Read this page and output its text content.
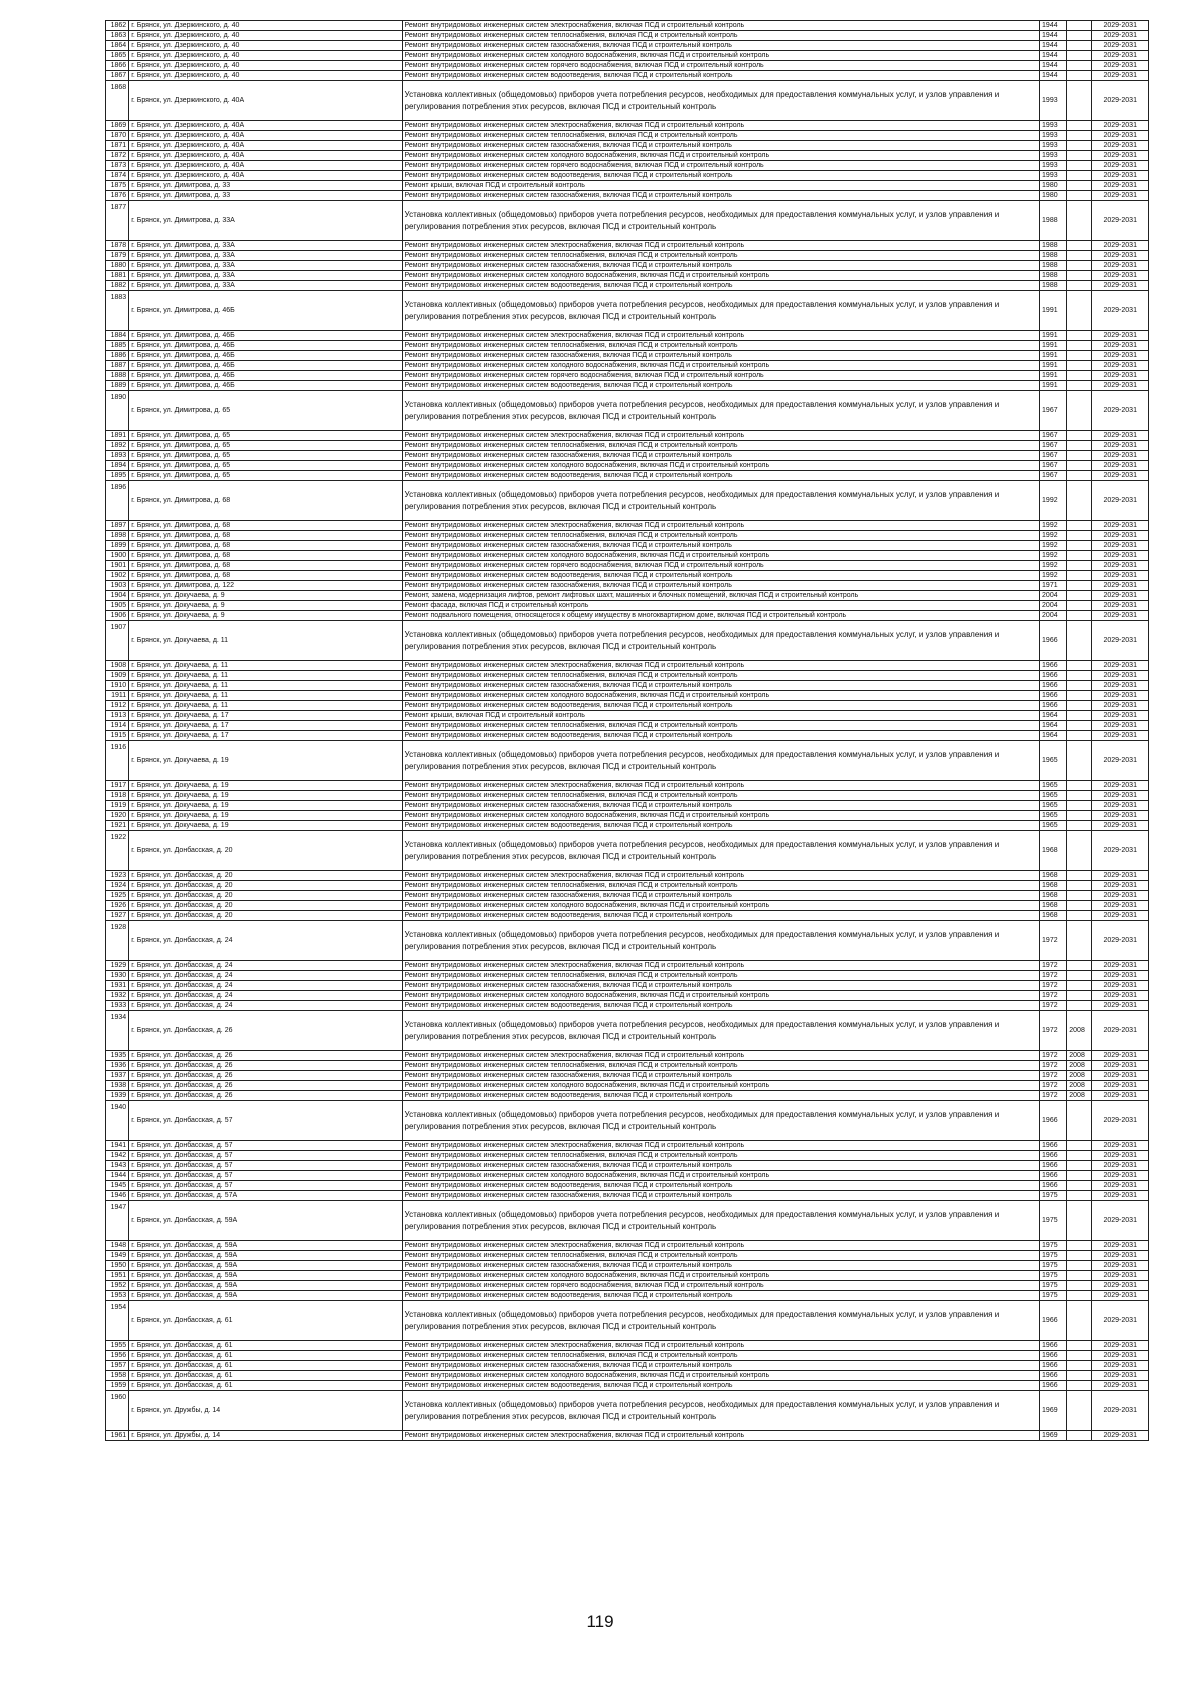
1862	г. Брянск, ул. Дзержинского, д. 40	Ремонт внутридомовых инженерных систем электроснабжения, включая ПСД и строительный контроль	1944		2029-2031
1863	г. Брянск, ул. Дзержинского, д. 40	Ремонт внутридомовых инженерных систем теплоснабжения, включая ПСД и строительный контроль	1944		2029-2031
1864	г. Брянск, ул. Дзержинского, д. 40	Ремонт внутридомовых инженерных систем газоснабжения, включая ПСД и строительный контроль	1944		2029-2031
1865	г. Брянск, ул. Дзержинского, д. 40	Ремонт внутридомовых инженерных систем холодного водоснабжения, включая ПСД и строительный контроль	1944		2029-2031
1866	г. Брянск, ул. Дзержинского, д. 40	Ремонт внутридомовых инженерных систем горячего водоснабжения, включая ПСД и строительный контроль	1944		2029-2031
1867	г. Брянск, ул. Дзержинского, д. 40	Ремонт внутридомовых инженерных систем водоотведения, включая ПСД и строительный контроль	1944		2029-2031
1868	г. Брянск, ул. Дзержинского, д. 40А	Установка коллективных (общедомовых) приборов учета потребления ресурсов, необходимых для предоставления коммунальных услуг, и узлов управления и регулирования потребления этих ресурсов, включая ПСД и строительный контроль	1993		2029-2031
1869	г. Брянск, ул. Дзержинского, д. 40А	Ремонт внутридомовых инженерных систем электроснабжения, включая ПСД и строительный контроль	1993		2029-2031
1870	г. Брянск, ул. Дзержинского, д. 40А	Ремонт внутридомовых инженерных систем теплоснабжения, включая ПСД и строительный контроль	1993		2029-2031
1871	г. Брянск, ул. Дзержинского, д. 40А	Ремонт внутридомовых инженерных систем газоснабжения, включая ПСД и строительный контроль	1993		2029-2031
1872	г. Брянск, ул. Дзержинского, д. 40А	Ремонт внутридомовых инженерных систем холодного водоснабжения, включая ПСД и строительный контроль	1993		2029-2031
1873	г. Брянск, ул. Дзержинского, д. 40А	Ремонт внутридомовых инженерных систем горячего водоснабжения, включая ПСД и строительный контроль	1993		2029-2031
1874	г. Брянск, ул. Дзержинского, д. 40А	Ремонт внутридомовых инженерных систем водоотведения, включая ПСД и строительный контроль	1993		2029-2031
1875	г. Брянск, ул. Димитрова, д. 33	Ремонт крыши, включая ПСД и строительный контроль	1980		2029-2031
1876	г. Брянск, ул. Димитрова, д. 33	Ремонт внутридомовых инженерных систем газоснабжения, включая ПСД и строительный контроль	1980		2029-2031
1877	г. Брянск, ул. Димитрова, д. 33А	Установка коллективных (общедомовых) приборов учета потребления ресурсов, необходимых для предоставления коммунальных услуг, и узлов управления и регулирования потребления этих ресурсов, включая ПСД и строительный контроль	1988		2029-2031
1878	г. Брянск, ул. Димитрова, д. 33А	Ремонт внутридомовых инженерных систем электроснабжения, включая ПСД и строительный контроль	1988		2029-2031
1879	г. Брянск, ул. Димитрова, д. 33А	Ремонт внутридомовых инженерных систем теплоснабжения, включая ПСД и строительный контроль	1988		2029-2031
1880	г. Брянск, ул. Димитрова, д. 33А	Ремонт внутридомовых инженерных систем газоснабжения, включая ПСД и строительный контроль	1988		2029-2031
1881	г. Брянск, ул. Димитрова, д. 33А	Ремонт внутридомовых инженерных систем холодного водоснабжения, включая ПСД и строительный контроль	1988		2029-2031
1882	г. Брянск, ул. Димитрова, д. 33А	Ремонт внутридомовых инженерных систем водоотведения, включая ПСД и строительный контроль	1988		2029-2031
1883	г. Брянск, ул. Димитрова, д. 46Б	Установка коллективных (общедомовых) приборов учета потребления ресурсов, необходимых для предоставления коммунальных услуг, и узлов управления и регулирования потребления этих ресурсов, включая ПСД и строительный контроль	1991		2029-2031
1884	г. Брянск, ул. Димитрова, д. 46Б	Ремонт внутридомовых инженерных систем электроснабжения, включая ПСД и строительный контроль	1991		2029-2031
1885	г. Брянск, ул. Димитрова, д. 46Б	Ремонт внутридомовых инженерных систем теплоснабжения, включая ПСД и строительный контроль	1991		2029-2031
1886	г. Брянск, ул. Димитрова, д. 46Б	Ремонт внутридомовых инженерных систем газоснабжения, включая ПСД и строительный контроль	1991		2029-2031
1887	г. Брянск, ул. Димитрова, д. 46Б	Ремонт внутридомовых инженерных систем холодного водоснабжения, включая ПСД и строительный контроль	1991		2029-2031
1888	г. Брянск, ул. Димитрова, д. 46Б	Ремонт внутридомовых инженерных систем горячего водоснабжения, включая ПСД и строительный контроль	1991		2029-2031
1889	г. Брянск, ул. Димитрова, д. 46Б	Ремонт внутридомовых инженерных систем водоотведения, включая ПСД и строительный контроль	1991		2029-2031
1890	г. Брянск, ул. Димитрова, д. 65	Установка коллективных (общедомовых) приборов учета потребления ресурсов, необходимых для предоставления коммунальных услуг, и узлов управления и регулирования потребления этих ресурсов, включая ПСД и строительный контроль	1967		2029-2031
1891	г. Брянск, ул. Димитрова, д. 65	Ремонт внутридомовых инженерных систем электроснабжения, включая ПСД и строительный контроль	1967		2029-2031
1892	г. Брянск, ул. Димитрова, д. 65	Ремонт внутридомовых инженерных систем теплоснабжения, включая ПСД и строительный контроль	1967		2029-2031
1893	г. Брянск, ул. Димитрова, д. 65	Ремонт внутридомовых инженерных систем газоснабжения, включая ПСД и строительный контроль	1967		2029-2031
1894	г. Брянск, ул. Димитрова, д. 65	Ремонт внутридомовых инженерных систем холодного водоснабжения, включая ПСД и строительный контроль	1967		2029-2031
1895	г. Брянск, ул. Димитрова, д. 65	Ремонт внутридомовых инженерных систем водоотведения, включая ПСД и строительный контроль	1967		2029-2031
1896	г. Брянск, ул. Димитрова, д. 68	Установка коллективных (общедомовых) приборов учета потребления ресурсов, необходимых для предоставления коммунальных услуг, и узлов управления и регулирования потребления этих ресурсов, включая ПСД и строительный контроль	1992		2029-2031
1897	г. Брянск, ул. Димитрова, д. 68	Ремонт внутридомовых инженерных систем электроснабжения, включая ПСД и строительный контроль	1992		2029-2031
1898	г. Брянск, ул. Димитрова, д. 68	Ремонт внутридомовых инженерных систем теплоснабжения, включая ПСД и строительный контроль	1992		2029-2031
1899	г. Брянск, ул. Димитрова, д. 68	Ремонт внутридомовых инженерных систем газоснабжения, включая ПСД и строительный контроль	1992		2029-2031
1900	г. Брянск, ул. Димитрова, д. 68	Ремонт внутридомовых инженерных систем холодного водоснабжения, включая ПСД и строительный контроль	1992		2029-2031
1901	г. Брянск, ул. Димитрова, д. 68	Ремонт внутридомовых инженерных систем горячего водоснабжения, включая ПСД и строительный контроль	1992		2029-2031
1902	г. Брянск, ул. Димитрова, д. 68	Ремонт внутридомовых инженерных систем водоотведения, включая ПСД и строительный контроль	1992		2029-2031
1903	г. Брянск, ул. Димитрова, д. 122	Ремонт внутридомовых инженерных систем газоснабжения, включая ПСД и строительный контроль	1971		2029-2031
1904	г. Брянск, ул. Докучаева, д. 9	Ремонт, замена, модернизация лифтов, ремонт лифтовых шахт, машинных и блочных помещений, включая ПСД и строительный контроль	2004		2029-2031
1905	г. Брянск, ул. Докучаева, д. 9	Ремонт фасада, включая ПСД и строительный контроль	2004		2029-2031
1906	г. Брянск, ул. Докучаева, д. 9	Ремонт подвального помещения, относящегося к общему имуществу в многоквартирном доме, включая ПСД и строительный контроль	2004		2029-2031
1907	г. Брянск, ул. Докучаева, д. 11	Установка коллективных (общедомовых) приборов учета потребления ресурсов, необходимых для предоставления коммунальных услуг, и узлов управления и регулирования потребления этих ресурсов, включая ПСД и строительный контроль	1966		2029-2031
1908	г. Брянск, ул. Докучаева, д. 11	Ремонт внутридомовых инженерных систем электроснабжения, включая ПСД и строительный контроль	1966		2029-2031
1909	г. Брянск, ул. Докучаева, д. 11	Ремонт внутридомовых инженерных систем теплоснабжения, включая ПСД и строительный контроль	1966		2029-2031
1910	г. Брянск, ул. Докучаева, д. 11	Ремонт внутридомовых инженерных систем газоснабжения, включая ПСД и строительный контроль	1966		2029-2031
1911	г. Брянск, ул. Докучаева, д. 11	Ремонт внутридомовых инженерных систем холодного водоснабжения, включая ПСД и строительный контроль	1966		2029-2031
1912	г. Брянск, ул. Докучаева, д. 11	Ремонт внутридомовых инженерных систем водоотведения, включая ПСД и строительный контроль	1966		2029-2031
1913	г. Брянск, ул. Докучаева, д. 17	Ремонт крыши, включая ПСД и строительный контроль	1964		2029-2031
1914	г. Брянск, ул. Докучаева, д. 17	Ремонт внутридомовых инженерных систем теплоснабжения, включая ПСД и строительный контроль	1964		2029-2031
1915	г. Брянск, ул. Докучаева, д. 17	Ремонт внутридомовых инженерных систем водоотведения, включая ПСД и строительный контроль	1964		2029-2031
1916	г. Брянск, ул. Докучаева, д. 19	Установка коллективных (общедомовых) приборов учета потребления ресурсов, необходимых для предоставления коммунальных услуг, и узлов управления и регулирования потребления этих ресурсов, включая ПСД и строительный контроль	1965		2029-2031
1917	г. Брянск, ул. Докучаева, д. 19	Ремонт внутридомовых инженерных систем электроснабжения, включая ПСД и строительный контроль	1965		2029-2031
1918	г. Брянск, ул. Докучаева, д. 19	Ремонт внутридомовых инженерных систем теплоснабжения, включая ПСД и строительный контроль	1965		2029-2031
1919	г. Брянск, ул. Докучаева, д. 19	Ремонт внутридомовых инженерных систем газоснабжения, включая ПСД и строительный контроль	1965		2029-2031
1920	г. Брянск, ул. Докучаева, д. 19	Ремонт внутридомовых инженерных систем холодного водоснабжения, включая ПСД и строительный контроль	1965		2029-2031
1921	г. Брянск, ул. Докучаева, д. 19	Ремонт внутридомовых инженерных систем водоотведения, включая ПСД и строительный контроль	1965		2029-2031
1922	г. Брянск, ул. Донбасская, д. 20	Установка коллективных (общедомовых) приборов учета потребления ресурсов, необходимых для предоставления коммунальных услуг, и узлов управления и регулирования потребления этих ресурсов, включая ПСД и строительный контроль	1968		2029-2031
1923	г. Брянск, ул. Донбасская, д. 20	Ремонт внутридомовых инженерных систем электроснабжения, включая ПСД и строительный контроль	1968		2029-2031
1924	г. Брянск, ул. Донбасская, д. 20	Ремонт внутридомовых инженерных систем теплоснабжения, включая ПСД и строительный контроль	1968		2029-2031
1925	г. Брянск, ул. Донбасская, д. 20	Ремонт внутридомовых инженерных систем газоснабжения, включая ПСД и строительный контроль	1968		2029-2031
1926	г. Брянск, ул. Донбасская, д. 20	Ремонт внутридомовых инженерных систем холодного водоснабжения, включая ПСД и строительный контроль	1968		2029-2031
1927	г. Брянск, ул. Донбасская, д. 20	Ремонт внутридомовых инженерных систем водоотведения, включая ПСД и строительный контроль	1968		2029-2031
1928	г. Брянск, ул. Донбасская, д. 24	Установка коллективных (общедомовых) приборов учета потребления ресурсов, необходимых для предоставления коммунальных услуг, и узлов управления и регулирования потребления этих ресурсов, включая ПСД и строительный контроль	1972		2029-2031
1929	г. Брянск, ул. Донбасская, д. 24	Ремонт внутридомовых инженерных систем электроснабжения, включая ПСД и строительный контроль	1972		2029-2031
1930	г. Брянск, ул. Донбасская, д. 24	Ремонт внутридомовых инженерных систем теплоснабжения, включая ПСД и строительный контроль	1972		2029-2031
1931	г. Брянск, ул. Донбасская, д. 24	Ремонт внутридомовых инженерных систем газоснабжения, включая ПСД и строительный контроль	1972		2029-2031
1932	г. Брянск, ул. Донбасская, д. 24	Ремонт внутридомовых инженерных систем холодного водоснабжения, включая ПСД и строительный контроль	1972		2029-2031
1933	г. Брянск, ул. Донбасская, д. 24	Ремонт внутридомовых инженерных систем водоотведения, включая ПСД и строительный контроль	1972		2029-2031
1934	г. Брянск, ул. Донбасская, д. 26	Установка коллективных (общедомовых) приборов учета потребления ресурсов, необходимых для предоставления коммунальных услуг, и узлов управления и регулирования потребления этих ресурсов, включая ПСД и строительный контроль	1972	2008	2029-2031
1935	г. Брянск, ул. Донбасская, д. 26	Ремонт внутридомовых инженерных систем электроснабжения, включая ПСД и строительный контроль	1972	2008	2029-2031
1936	г. Брянск, ул. Донбасская, д. 26	Ремонт внутридомовых инженерных систем теплоснабжения, включая ПСД и строительный контроль	1972	2008	2029-2031
1937	г. Брянск, ул. Донбасская, д. 26	Ремонт внутридомовых инженерных систем газоснабжения, включая ПСД и строительный контроль	1972	2008	2029-2031
1938	г. Брянск, ул. Донбасская, д. 26	Ремонт внутридомовых инженерных систем холодного водоснабжения, включая ПСД и строительный контроль	1972	2008	2029-2031
1939	г. Брянск, ул. Донбасская, д. 26	Ремонт внутридомовых инженерных систем водоотведения, включая ПСД и строительный контроль	1972	2008	2029-2031
1940	г. Брянск, ул. Донбасская, д. 57	Установка коллективных (общедомовых) приборов учета потребления ресурсов, необходимых для предоставления коммунальных услуг, и узлов управления и регулирования потребления этих ресурсов, включая ПСД и строительный контроль	1966		2029-2031
1941	г. Брянск, ул. Донбасская, д. 57	Ремонт внутридомовых инженерных систем электроснабжения, включая ПСД и строительный контроль	1966		2029-2031
1942	г. Брянск, ул. Донбасская, д. 57	Ремонт внутридомовых инженерных систем теплоснабжения, включая ПСД и строительный контроль	1966		2029-2031
1943	г. Брянск, ул. Донбасская, д. 57	Ремонт внутридомовых инженерных систем газоснабжения, включая ПСД и строительный контроль	1966		2029-2031
1944	г. Брянск, ул. Донбасская, д. 57	Ремонт внутридомовых инженерных систем холодного водоснабжения, включая ПСД и строительный контроль	1966		2029-2031
1945	г. Брянск, ул. Донбасская, д. 57	Ремонт внутридомовых инженерных систем водоотведения, включая ПСД и строительный контроль	1966		2029-2031
1946	г. Брянск, ул. Донбасская, д. 57А	Ремонт внутридомовых инженерных систем газоснабжения, включая ПСД и строительный контроль	1975		2029-2031
1947	г. Брянск, ул. Донбасская, д. 59А	Установка коллективных (общедомовых) приборов учета потребления ресурсов, необходимых для предоставления коммунальных услуг, и узлов управления и регулирования потребления этих ресурсов, включая ПСД и строительный контроль	1975		2029-2031
1948	г. Брянск, ул. Донбасская, д. 59А	Ремонт внутридомовых инженерных систем электроснабжения, включая ПСД и строительный контроль	1975		2029-2031
1949	г. Брянск, ул. Донбасская, д. 59А	Ремонт внутридомовых инженерных систем теплоснабжения, включая ПСД и строительный контроль	1975		2029-2031
1950	г. Брянск, ул. Донбасская, д. 59А	Ремонт внутридомовых инженерных систем газоснабжения, включая ПСД и строительный контроль	1975		2029-2031
1951	г. Брянск, ул. Донбасская, д. 59А	Ремонт внутридомовых инженерных систем холодного водоснабжения, включая ПСД и строительный контроль	1975		2029-2031
1952	г. Брянск, ул. Донбасская, д. 59А	Ремонт внутридомовых инженерных систем горячего водоснабжения, включая ПСД и строительный контроль	1975		2029-2031
1953	г. Брянск, ул. Донбасская, д. 59А	Ремонт внутридомовых инженерных систем водоотведения, включая ПСД и строительный контроль	1975		2029-2031
1954	г. Брянск, ул. Донбасская, д. 61	Установка коллективных (общедомовых) приборов учета потребления ресурсов, необходимых для предоставления коммунальных услуг, и узлов управления и регулирования потребления этих ресурсов, включая ПСД и строительный контроль	1966		2029-2031
1955	г. Брянск, ул. Донбасская, д. 61	Ремонт внутридомовых инженерных систем электроснабжения, включая ПСД и строительный контроль	1966		2029-2031
1956	г. Брянск, ул. Донбасская, д. 61	Ремонт внутридомовых инженерных систем теплоснабжения, включая ПСД и строительный контроль	1966		2029-2031
1957	г. Брянск, ул. Донбасская, д. 61	Ремонт внутридомовых инженерных систем газоснабжения, включая ПСД и строительный контроль	1966		2029-2031
1958	г. Брянск, ул. Донбасская, д. 61	Ремонт внутридомовых инженерных систем холодного водоснабжения, включая ПСД и строительный контроль	1966		2029-2031
1959	г. Брянск, ул. Донбасская, д. 61	Ремонт внутридомовых инженерных систем водоотведения, включая ПСД и строительный контроль	1966		2029-2031
1960	г. Брянск, ул. Дружбы, д. 14	Установка коллективных (общедомовых) приборов учета потребления ресурсов, необходимых для предоставления коммунальных услуг, и узлов управления и регулирования потребления этих ресурсов, включая ПСД и строительный контроль	1969		2029-2031
1961	г. Брянск, ул. Дружбы, д. 14	Ремонт внутридомовых инженерных систем электроснабжения, включая ПСД и строительный контроль	1969		2029-2031
119
